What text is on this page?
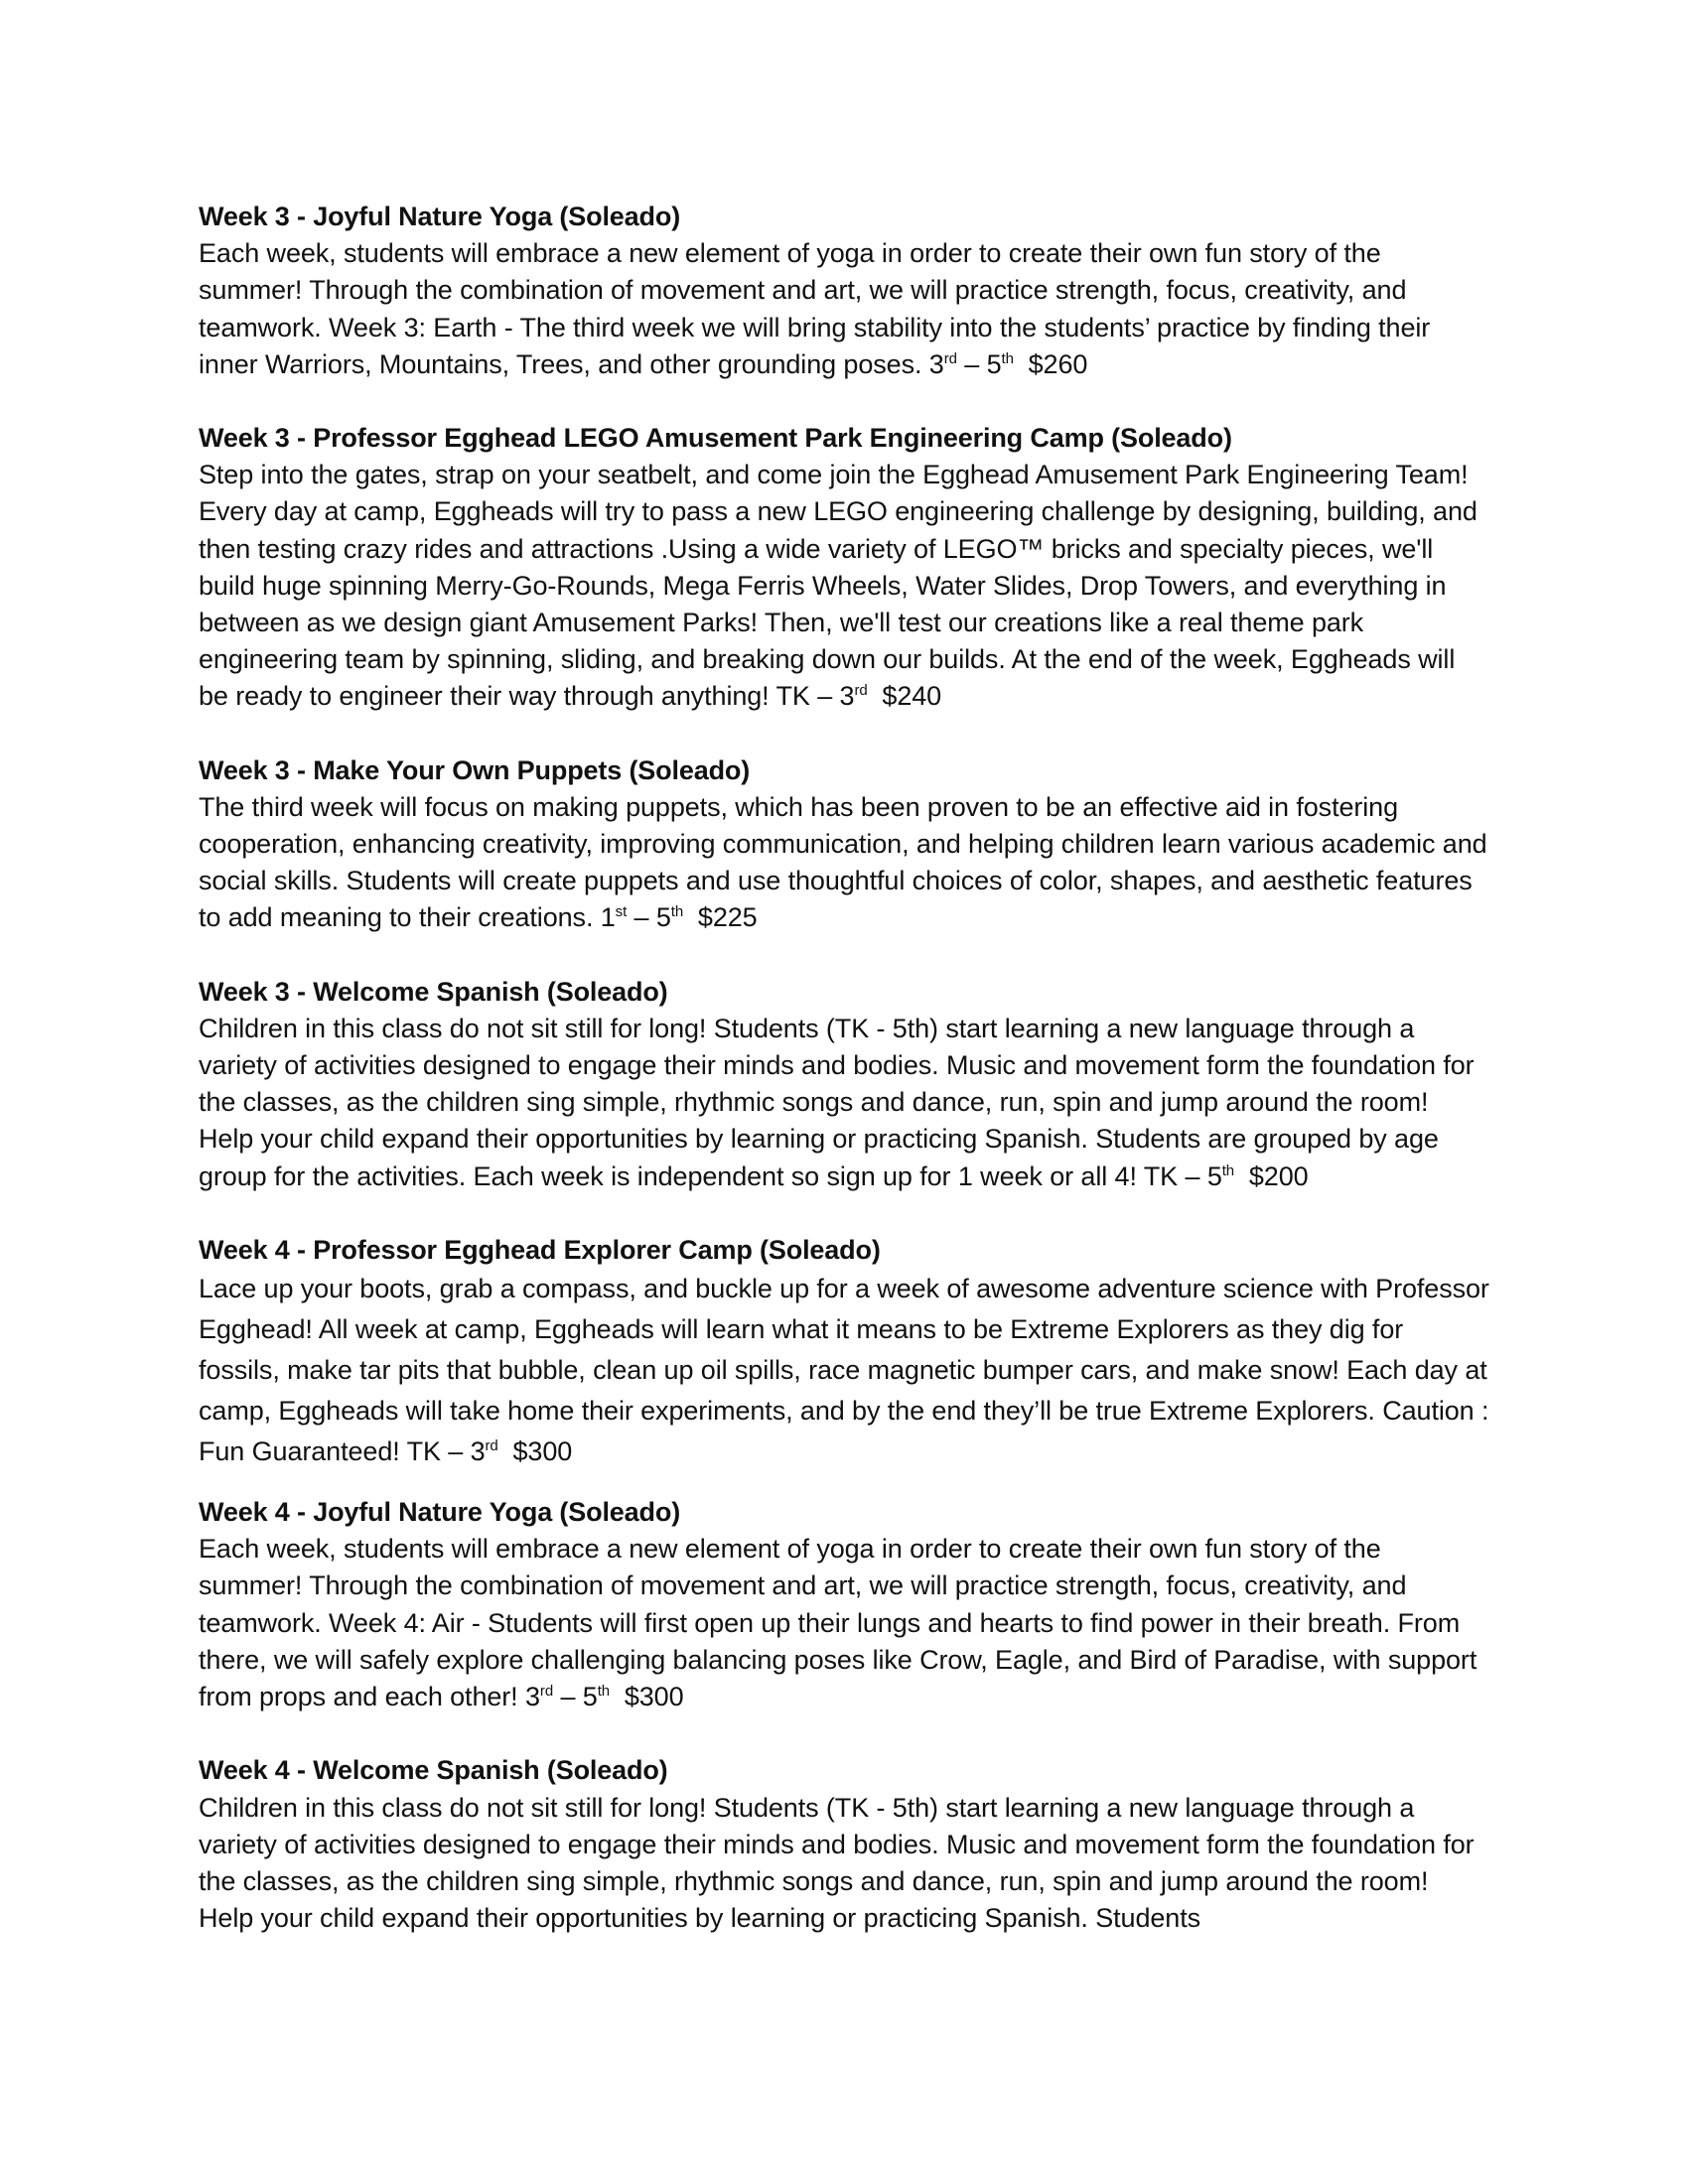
Week 3 - Joyful Nature Yoga (Soleado)
Each week, students will embrace a new element of yoga in order to create their own fun story of the summer! Through the combination of movement and art, we will practice strength, focus, creativity, and teamwork. Week 3: Earth - The third week we will bring stability into the students’ practice by finding their inner Warriors, Mountains, Trees, and other grounding poses. 3rd – 5th $260
Week 3 - Professor Egghead LEGO Amusement Park Engineering Camp (Soleado)
Step into the gates, strap on your seatbelt, and come join the Egghead Amusement Park Engineering Team! Every day at camp, Eggheads will try to pass a new LEGO engineering challenge by designing, building, and then testing crazy rides and attractions .Using a wide variety of LEGO™ bricks and specialty pieces, we'll build huge spinning Merry-Go-Rounds, Mega Ferris Wheels, Water Slides, Drop Towers, and everything in between as we design giant Amusement Parks! Then, we'll test our creations like a real theme park engineering team by spinning, sliding, and breaking down our builds. At the end of the week, Eggheads will be ready to engineer their way through anything! TK – 3rd $240
Week 3 - Make Your Own Puppets (Soleado)
The third week will focus on making puppets, which has been proven to be an effective aid in fostering cooperation, enhancing creativity, improving communication, and helping children learn various academic and social skills. Students will create puppets and use thoughtful choices of color, shapes, and aesthetic features to add meaning to their creations. 1st – 5th $225
Week 3 - Welcome Spanish (Soleado)
Children in this class do not sit still for long! Students (TK - 5th) start learning a new language through a variety of activities designed to engage their minds and bodies. Music and movement form the foundation for the classes, as the children sing simple, rhythmic songs and dance, run, spin and jump around the room! Help your child expand their opportunities by learning or practicing Spanish. Students are grouped by age group for the activities. Each week is independent so sign up for 1 week or all 4! TK – 5th $200
Week 4 - Professor Egghead Explorer Camp (Soleado)
Lace up your boots, grab a compass, and buckle up for a week of awesome adventure science with Professor Egghead! All week at camp, Eggheads will learn what it means to be Extreme Explorers as they dig for fossils, make tar pits that bubble, clean up oil spills, race magnetic bumper cars, and make snow! Each day at camp, Eggheads will take home their experiments, and by the end they’ll be true Extreme Explorers. Caution : Fun Guaranteed! TK – 3rd $300
Week 4 - Joyful Nature Yoga (Soleado)
Each week, students will embrace a new element of yoga in order to create their own fun story of the summer! Through the combination of movement and art, we will practice strength, focus, creativity, and teamwork. Week 4: Air - Students will first open up their lungs and hearts to find power in their breath. From there, we will safely explore challenging balancing poses like Crow, Eagle, and Bird of Paradise, with support from props and each other! 3rd – 5th $300
Week 4 - Welcome Spanish (Soleado)
Children in this class do not sit still for long! Students (TK - 5th) start learning a new language through a variety of activities designed to engage their minds and bodies. Music and movement form the foundation for the classes, as the children sing simple, rhythmic songs and dance, run, spin and jump around the room! Help your child expand their opportunities by learning or practicing Spanish. Students
